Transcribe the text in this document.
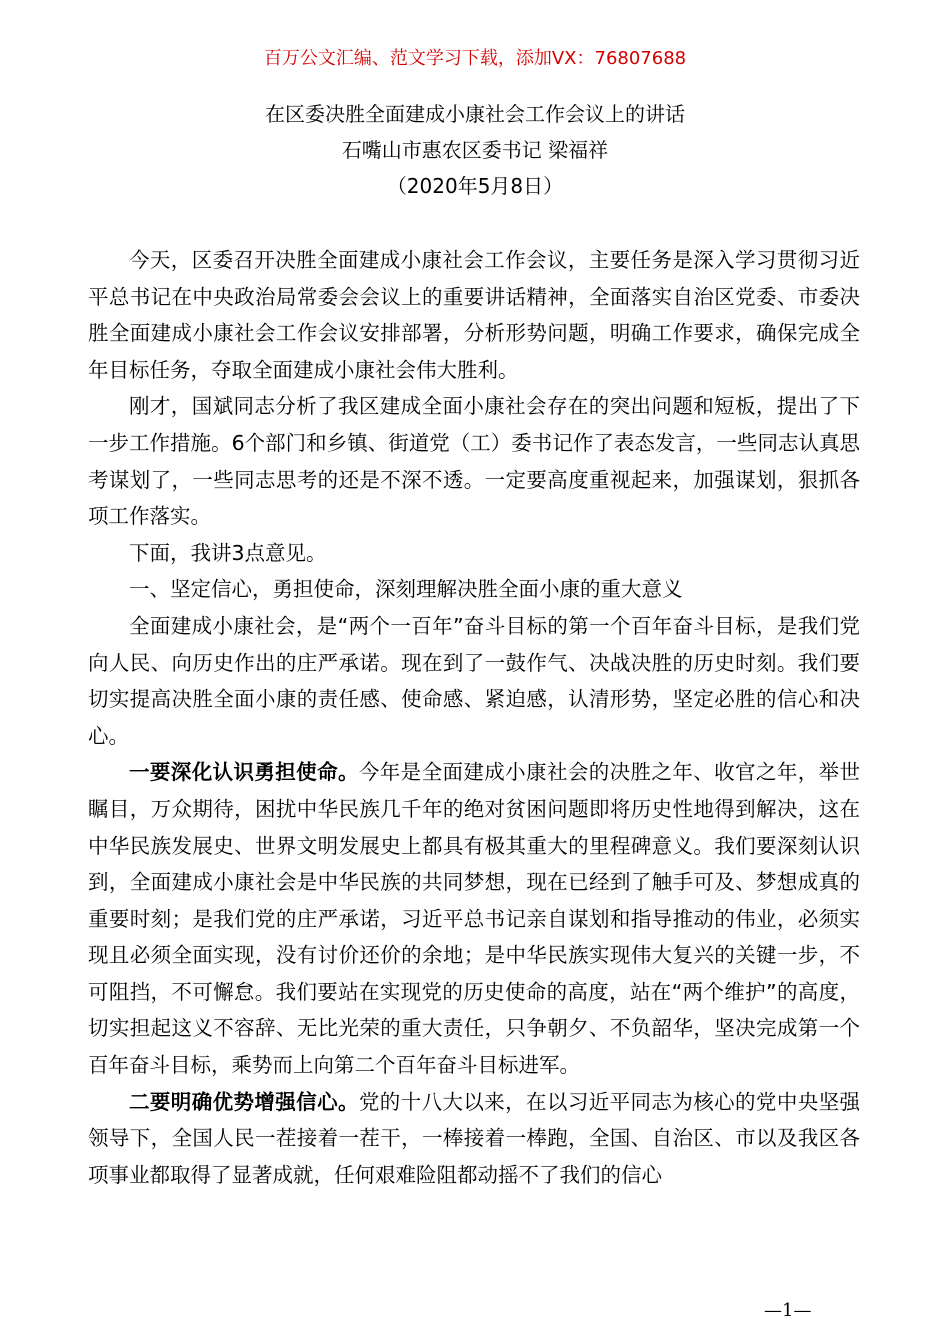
百万公文汇编、范文学习下载，添加VX：76807688
在区委决胜全面建成小康社会工作会议上的讲话
石嘴山市惠农区委书记 梁福祥
（2020年5月8日）

今天，区委召开决胜全面建成小康社会工作会议，主要任务是深入学习贯彻习近平总书记在中央政治局常委会会议上的重要讲话精神，全面落实自治区党委、市委决胜全面建成小康社会工作会议安排部署，分析形势问题，明确工作要求，确保完成全年目标任务，夺取全面建成小康社会伟大胜利。

刚才，国斌同志分析了我区建成全面小康社会存在的突出问题和短板，提出了下一步工作措施。6个部门和乡镇、街道党（工）委书记作了表态发言，一些同志认真思考谋划了，一些同志思考的还是不深不透。一定要高度重视起来，加强谋划，狠抓各项工作落实。

下面，我讲3点意见。

一、坚定信心，勇担使命，深刻理解决胜全面小康的重大意义

全面建成小康社会，是“两个一百年”奋斗目标的第一个百年奋斗目标，是我们党向人民、向历史作出的庄严承诺。现在到了一鼓作气、决战决胜的历史时刻。我们要切实提高决胜全面小康的责任感、使命感、紧迫感，认清形势，坚定必胜的信心和决心。

一要深化认识勇担使命。今年是全面建成小康社会的决胜之年、收官之年，举世瞩目，万众期待，困扰中华民族几千年的绝对贫困问题即将历史性地得到解决，这在中华民族发展史、世界文明发展史上都具有极其重大的里程碑意义。我们要深刻认识到，全面建成小康社会是中华民族的共同梦想，现在已经到了触手可及、梦想成真的重要时刻；是我们党的庄严承诺，习近平总书记亲自谋划和指导推动的伟业，必须实现且必须全面实现，没有讨价还价的余地；是中华民族实现伟大复兴的关键一步，不可阻挡，不可懈怠。我们要站在实现党的历史使命的高度，站在“两个维护”的高度，切实担起这义不容辞、无比光荣的重大责任，只争朝夕、不负韶华，坚决完成第一个百年奋斗目标，乘势而上向第二个百年奋斗目标进军。

二要明确优势增强信心。党的十八大以来，在以习近平同志为核心的党中央坚强领导下，全国人民一茬接着一茬干，一棒接着一棒跑，全国、自治区、市以及我区各项事业都取得了显著成就，任何艰难险阻都动摇不了我们的信心

—1—
